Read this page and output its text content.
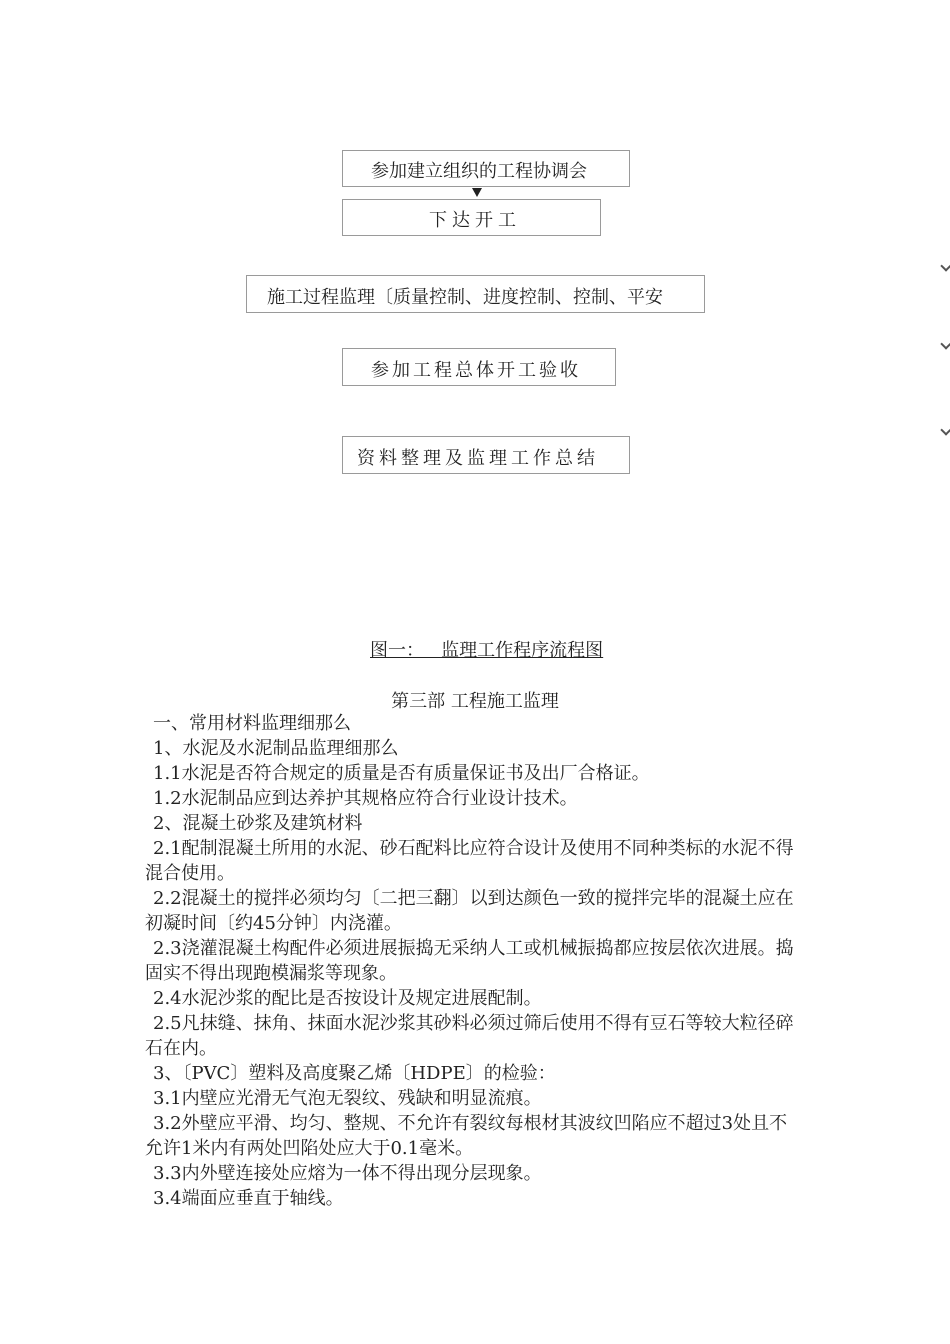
参加建立组织的工程协调会
下达开工
施工过程监理〔质量控制、进度控制、控制、平安
参加工程总体开工验收
资料整理及监理工作总结
图一：   监理工作程序流程图
第三部 工程施工监理

一、常用材料监理细那么

1、水泥及水泥制品监理细那么

1.1水泥是否符合规定的质量是否有质量保证书及出厂合格证。

1.2水泥制品应到达养护其规格应符合行业设计技术。

2、混凝土砂浆及建筑材料

2.1配制混凝土所用的水泥、砂石配料比应符合设计及使用不同种类标的水泥不得混合使用。

2.2混凝土的搅拌必须均匀〔二把三翻〕以到达颜色一致的搅拌完毕的混凝土应在初凝时间〔约45分钟〕内浇灌。

2.3浇灌混凝土构配件必须进展振捣无采纳人工或机械振捣都应按层依次进展。捣固实不得出现跑模漏浆等现象。

2.4水泥沙浆的配比是否按设计及规定进展配制。

2.5凡抹缝、抹角、抹面水泥沙浆其砂料必须过筛后使用不得有豆石等较大粒径碎石在内。

3、〔PVC〕塑料及高度聚乙烯〔HDPE〕的检验：

3.1内壁应光滑无气泡无裂纹、残缺和明显流痕。

3.2外壁应平滑、均匀、整规、不允许有裂纹每根材其波纹凹陷应不超过3处且不允许1米内有两处凹陷处应大于0.1毫米。

3.3内外壁连接处应熔为一体不得出现分层现象。

3.4端面应垂直于轴线。
